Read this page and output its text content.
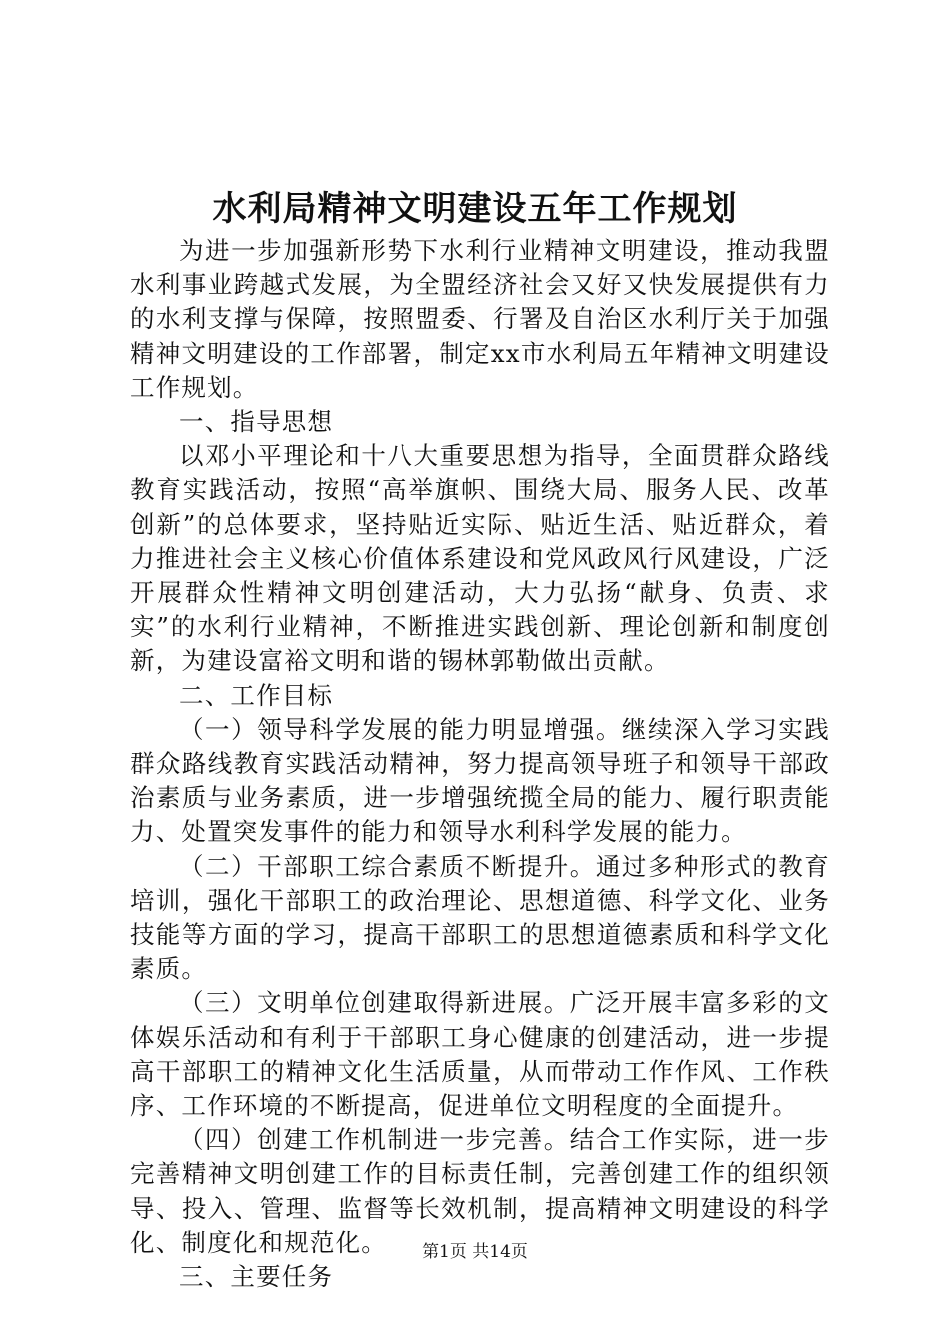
水利局精神文明建设五年工作规划

为进一步加强新形势下水利行业精神文明建设，推动我盟水利事业跨越式发展，为全盟经济社会又好又快发展提供有力的水利支撑与保障，按照盟委、行署及自治区水利厅关于加强精神文明建设的工作部署，制定xx市水利局五年精神文明建设工作规划。

一、指导思想

以邓小平理论和十八大重要思想为指导，全面贯群众路线教育实践活动，按照“高举旗帜、围绕大局、服务人民、改革创新”的总体要求，坚持贴近实际、贴近生活、贴近群众，着力推进社会主义核心价值体系建设和党风政风行风建设，广泛开展群众性精神文明创建活动，大力弘扬“献身、负责、求实”的水利行业精神，不断推进实践创新、理论创新和制度创新，为建设富裕文明和谐的锡林郭勒做出贡献。

二、工作目标

（一）领导科学发展的能力明显增强。继续深入学习实践群众路线教育实践活动精神，努力提高领导班子和领导干部政治素质与业务素质，进一步增强统揽全局的能力、履行职责能力、处置突发事件的能力和领导水利科学发展的能力。

（二）干部职工综合素质不断提升。通过多种形式的教育培训，强化干部职工的政治理论、思想道德、科学文化、业务技能等方面的学习，提高干部职工的思想道德素质和科学文化素质。

（三）文明单位创建取得新进展。广泛开展丰富多彩的文体娱乐活动和有利于干部职工身心健康的创建活动，进一步提高干部职工的精神文化生活质量，从而带动工作作风、工作秩序、工作环境的不断提高，促进单位文明程度的全面提升。

（四）创建工作机制进一步完善。结合工作实际，进一步完善精神文明创建工作的目标责任制，完善创建工作的组织领导、投入、管理、监督等长效机制，提高精神文明建设的科学化、制度化和规范化。

三、主要任务

第1页 共14页
